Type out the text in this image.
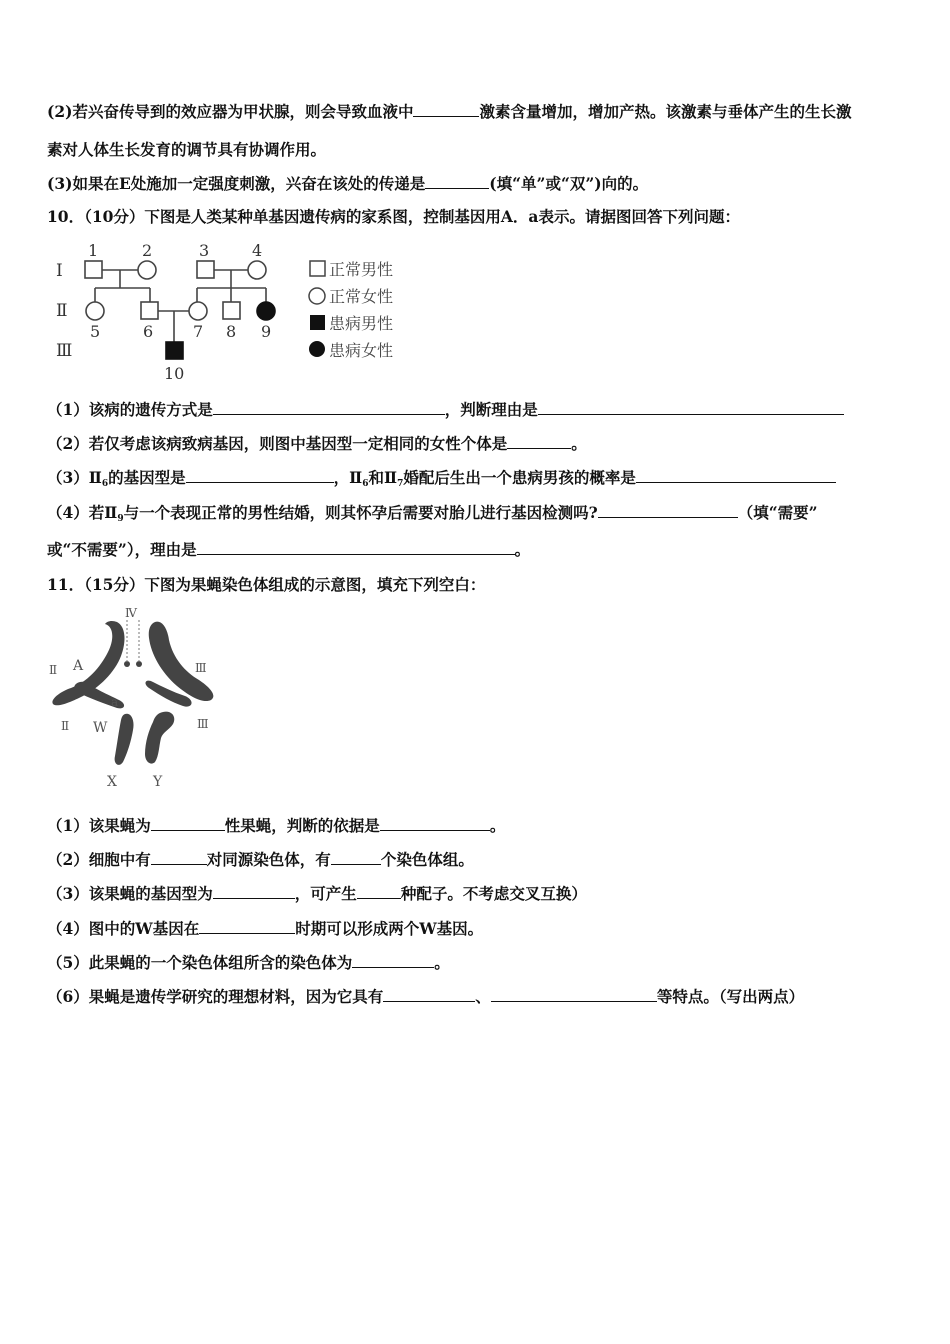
(2)若兴奋传导到的效应器为甲状腺，则会导致血液中	激素含量增加，增加产热。该激素与垂体产生的生长激
素对人体生长发育的调节具有协调作用。
(3)如果在E处施加一定强度刺激，兴奋在该处的传递是	(填“单”或“双”)向的。
10．（10分）下图是人类某种单基因遗传病的家系图，控制基因用A．a表示。请据图回答下列问题：
Ⅰ
Ⅱ
Ⅲ
1	2	3	4
5	6 7 8 9
10
正常男性
正常女性
患病男性
患病女性
（1）该病的遗传方式是	，判断理由是
（2）若仅考虑该病致病基因，则图中基因型一定相同的女性个体是	。
$(3)Ⅱ_6$的基因型是	，$Ⅱ_6$和$Ⅱ_7$婚配后生出一个患病男孩的概率是
（4）若$Ⅱ_9$与一个表现正常的男性结婚，则其怀孕后需要对胎儿进行基因检测吗?	（填“需要”
或“不需要”），理由是	。
11．（15分）下图为果蝇染色体组成的示意图，填充下列空白：
Ⅳ
Ⅱ
Ⅱ
Ⅲ
Ⅲ
A
a
W
X	Y
（1）该果蝇为	性果蝇，判断的依据是	。
（2）细胞中有	对同源染色体，有	个染色体组。
（3）该果蝇的基因型为	，可产生	种配子。不考虑交叉互换）
（4）图中的W基因在	时期可以形成两个W基因。
（5）此果蝇的一个染色体组所含的染色体为	。
（6）果蝇是遗传学研究的理想材料，因为它具有	、	等特点。（写出两点）
